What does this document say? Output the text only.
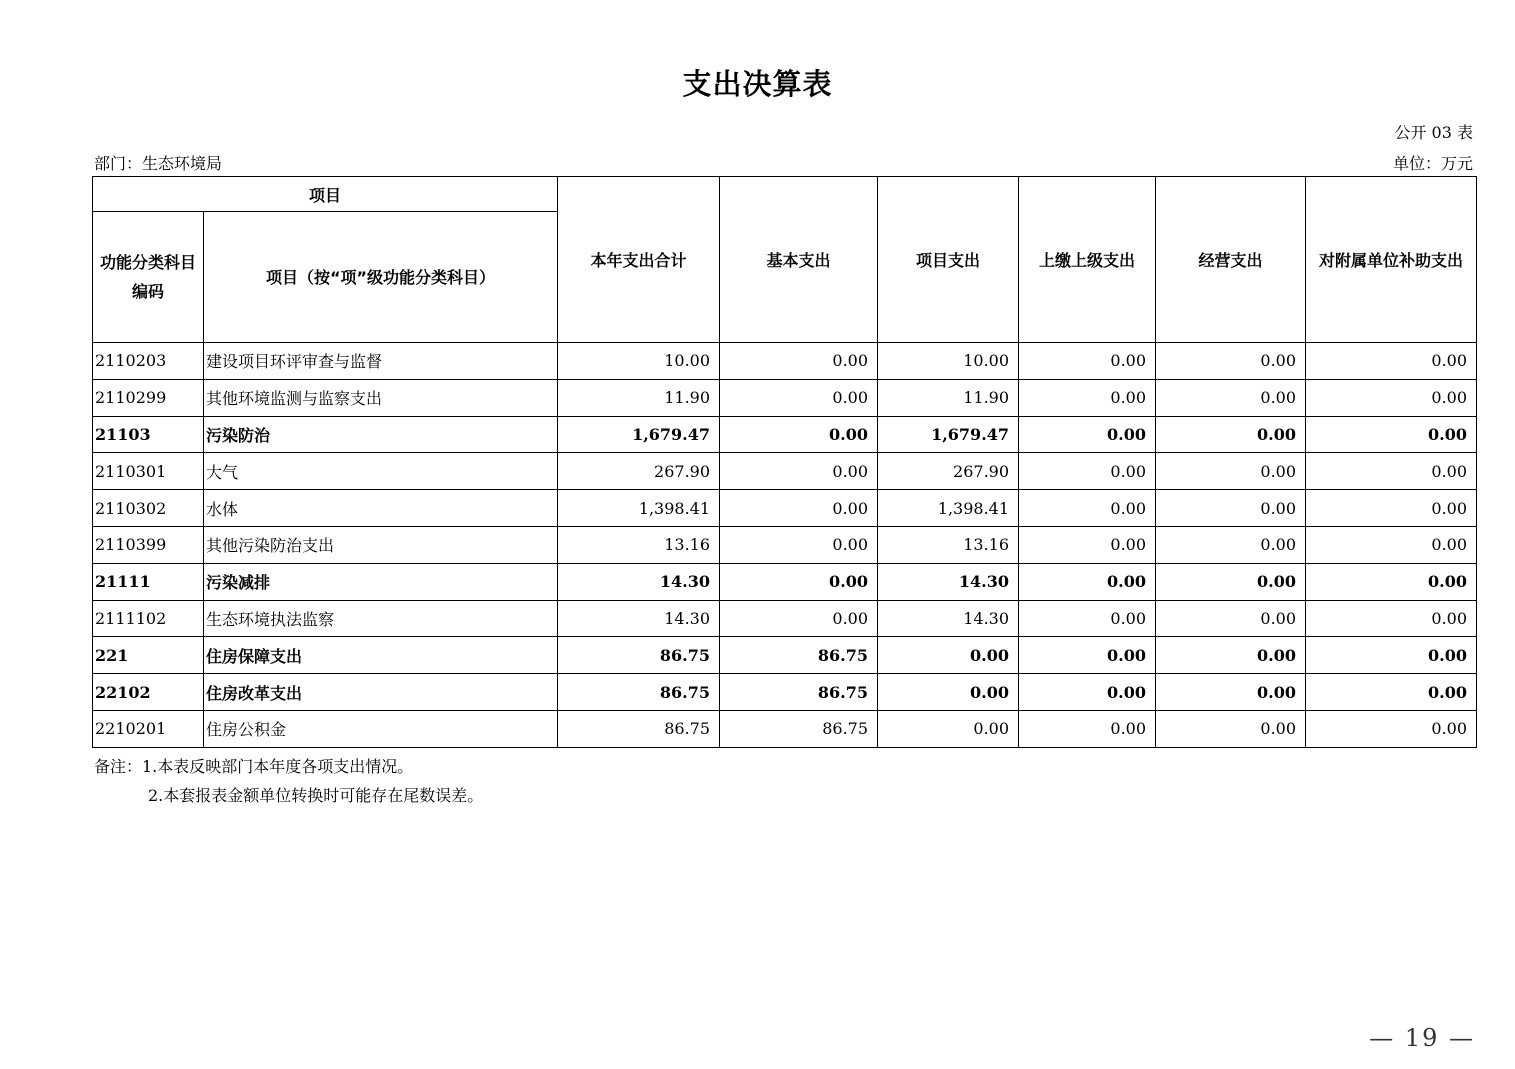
支出决算表
公开 03 表
部门：生态环境局	单位：万元
项目		本年支出合计	基本支出	项目支出	上缴上级支出	经营支出	对附属单位补助支出

功能分类科目
编码	项目（按“项”级功能分类科目）						
2110203	建设项目环评审查与监督	10.00	0.00	10.00	0.00	0.00	0.00
2110299	其他环境监测与监察支出	11.90	0.00	11.90	0.00	0.00	0.00
21103	污染防治	1,679.47	0.00	1,679.47	0.00	0.00	0.00
2110301	大气	267.90	0.00	267.90	0.00	0.00	0.00
2110302	水体	1,398.41	0.00	1,398.41	0.00	0.00	0.00
2110399	其他污染防治支出	13.16	0.00	13.16	0.00	0.00	0.00
21111	污染减排	14.30	0.00	14.30	0.00	0.00	0.00
2111102	生态环境执法监察	14.30	0.00	14.30	0.00	0.00	0.00
221	住房保障支出	86.75	86.75	0.00	0.00	0.00	0.00
22102	住房改革支出	86.75	86.75	0.00	0.00	0.00	0.00
2210201	住房公积金	86.75	86.75	0.00	0.00	0.00	0.00
备注：1.本表反映部门本年度各项支出情况。
2.本套报表金额单位转换时可能存在尾数误差。
— 19 —
